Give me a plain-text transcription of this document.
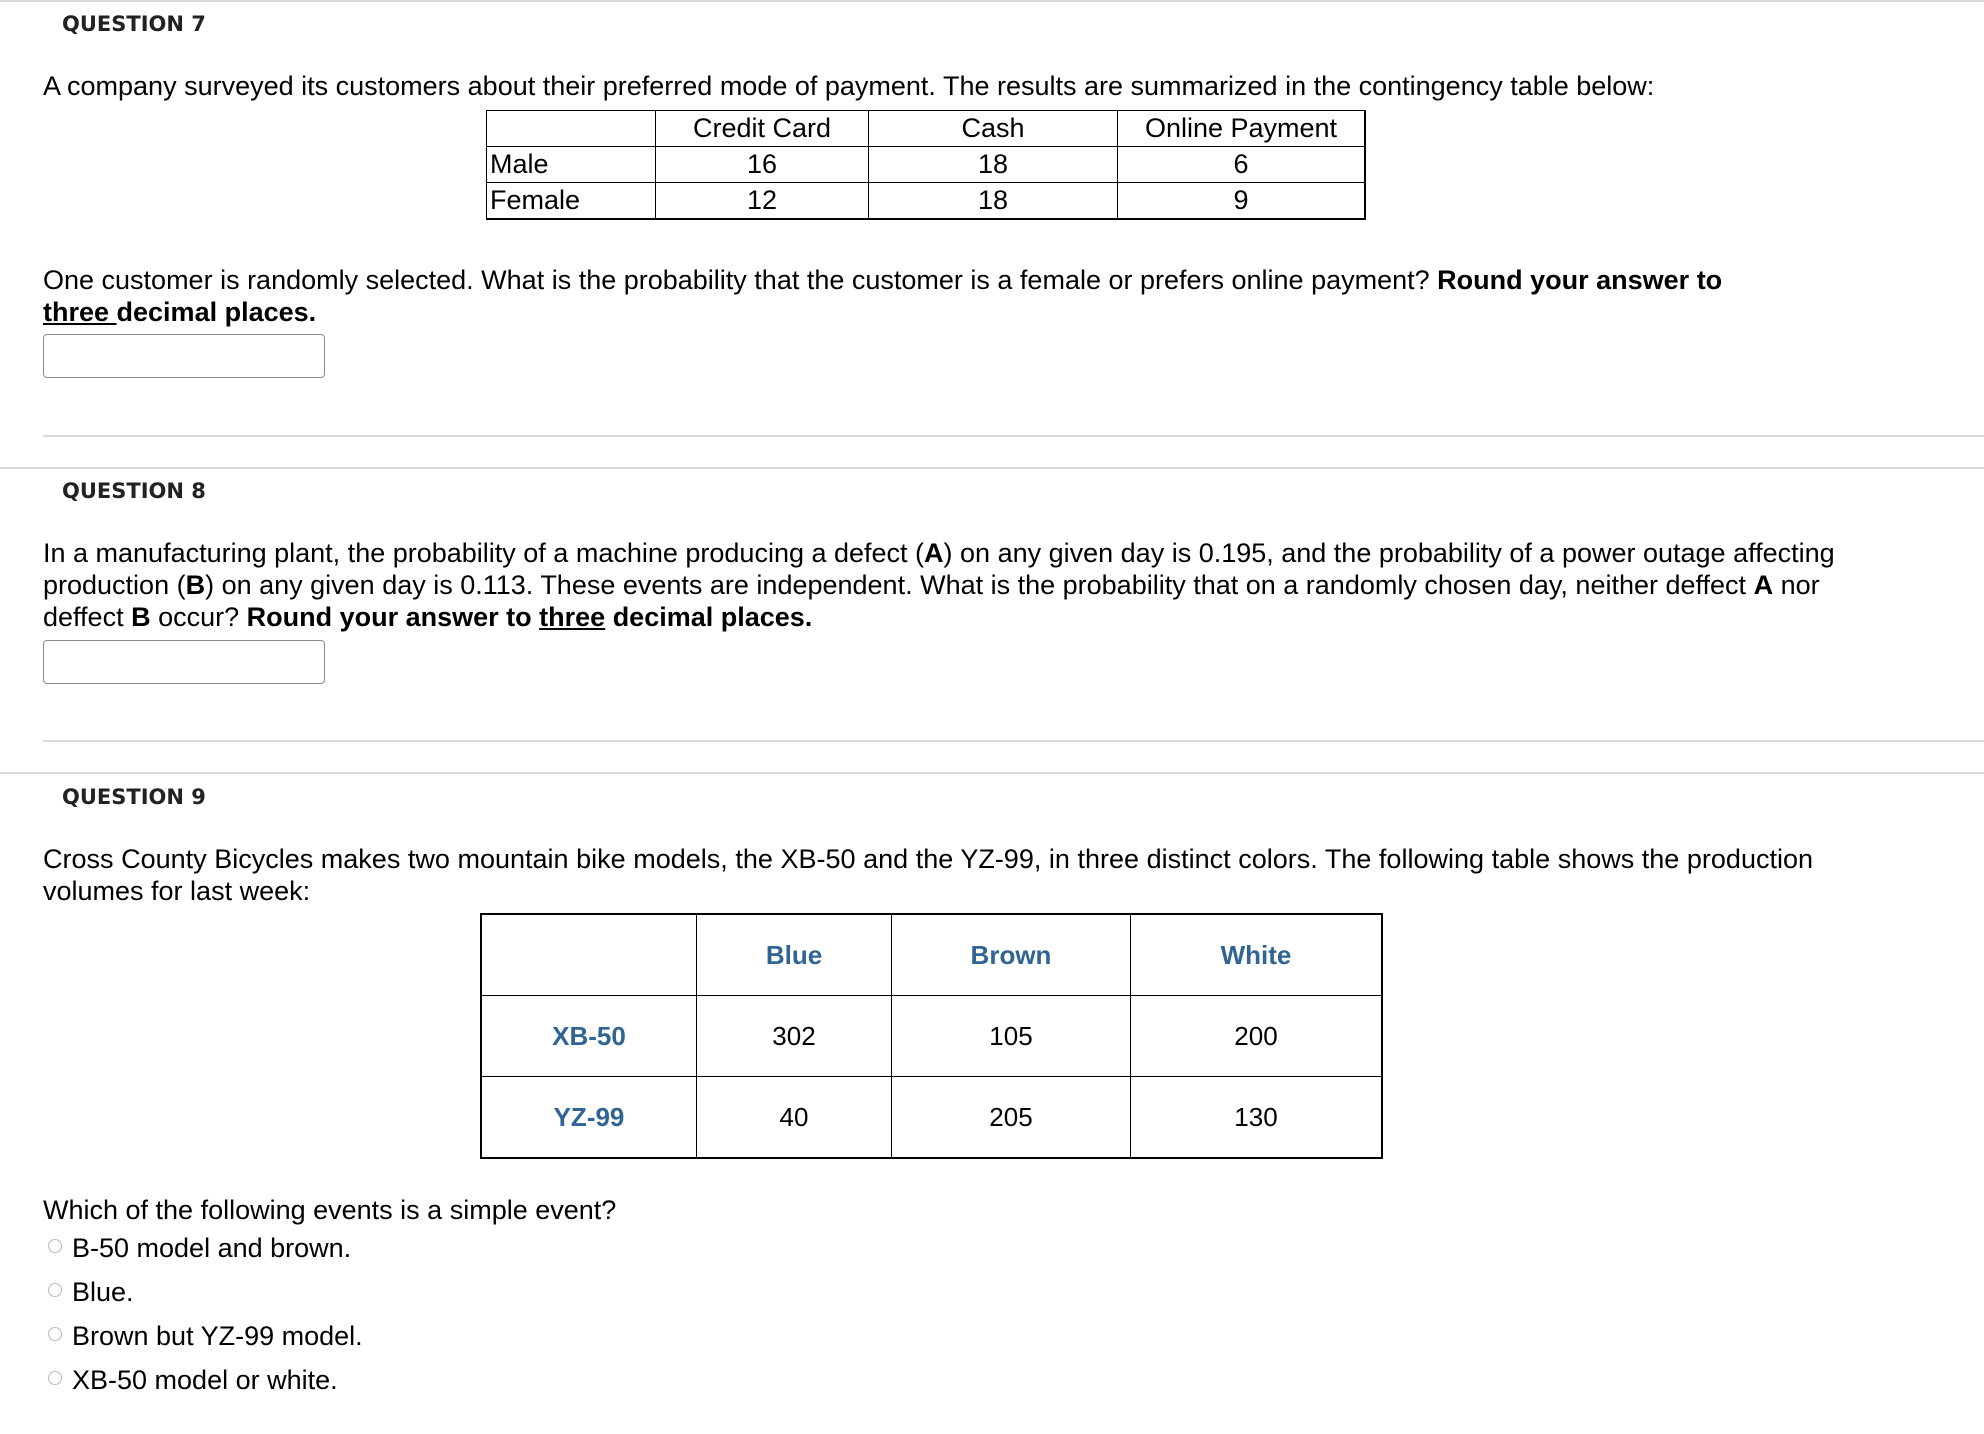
QUESTION 7
A company surveyed its customers about their preferred mode of payment. The results are summarized in the contingency table below:
	Credit Card	Cash	Online Payment
Male	16	18	6
Female	12	18	9
One customer is randomly selected. What is the probability that the customer is a female or prefers online payment? Round your answer to
three decimal places.
QUESTION 8
In a manufacturing plant, the probability of a machine producing a defect (A) on any given day is 0.195, and the probability of a power outage affecting production (B) on any given day is 0.113. These events are independent. What is the probability that on a randomly chosen day, neither deffect A nor deffect B occur? Round your answer to three decimal places.
QUESTION 9
Cross County Bicycles makes two mountain bike models, the XB-50 and the YZ-99, in three distinct colors. The following table shows the production volumes for last week:
	Blue	Brown	White
XB-50	302	105	200
YZ-99	40	205	130
Which of the following events is a simple event?
B-50 model and brown.
Blue.
Brown but YZ-99 model.
XB-50 model or white.
